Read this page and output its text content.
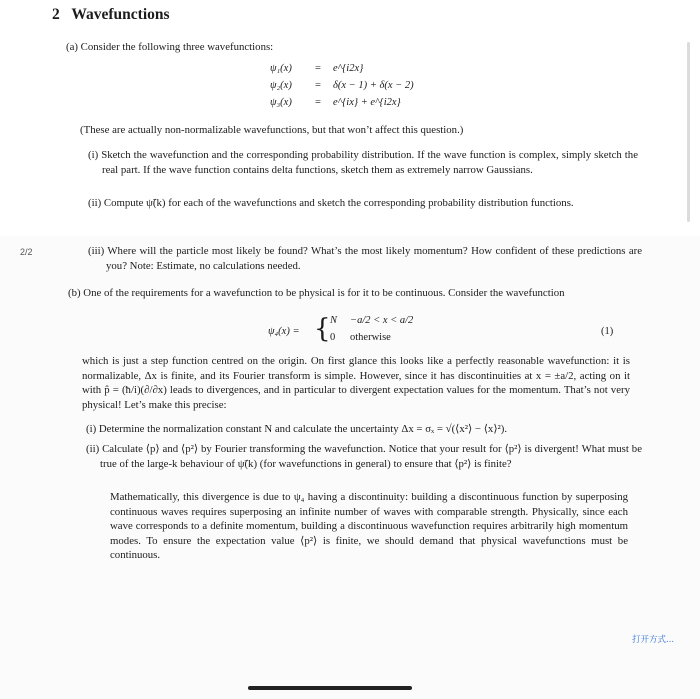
2 Wavefunctions
(a) Consider the following three wavefunctions:
ψ₁(x) = e^{i2x}
ψ₂(x) = δ(x − 1) + δ(x − 2)
ψ₃(x) = e^{ix} + e^{i2x}
(These are actually non-normalizable wavefunctions, but that won’t affect this question.)
(i) Sketch the wavefunction and the corresponding probability distribution. If the wave function is complex, simply sketch the real part. If the wave function contains delta functions, sketch them as extremely narrow Gaussians.
(ii) Compute ψ̃(k) for each of the wavefunctions and sketch the corresponding probability distribution functions.
2/2	(iii) Where will the particle most likely be found? What’s the most likely momentum? How confident of these predictions are you? Note: Estimate, no calculations needed.
(b) One of the requirements for a wavefunction to be physical is for it to be continuous. Consider the wavefunction
ψ₄(x) = { N −a/2 < x < a/2
0 otherwise
(1)
which is just a step function centred on the origin. On first glance this looks like a perfectly reasonable wavefunction: it is normalizable, Δx is finite, and its Fourier transform is simple. However, since it has discontinuities at x = ±a/2, acting on it with p̂ = (ħ/i)(∂/∂x) leads to divergences, and in particular to divergent expectation values for the momentum. That’s not very physical! Let’s make this precise:
(i) Determine the normalization constant N and calculate the uncertainty Δx = σₓ = √(⟨x²⟩ − ⟨x⟩²).
(ii) Calculate ⟨p⟩ and ⟨p²⟩ by Fourier transforming the wavefunction. Notice that your result for ⟨p²⟩ is divergent! What must be true of the large-k behaviour of ψ̃(k) (for wavefunctions in general) to ensure that ⟨p²⟩ is finite?
Mathematically, this divergence is due to ψ₄ having a discontinuity: building a discontinuous function by superposing continuous waves requires superposing an infinite number of waves with comparable strength. Physically, since each wave corresponds to a definite momentum, building a discontinuous wavefunction requires arbitrarily high momentum modes. To ensure the expectation value ⟨p²⟩ is finite, we should demand that physical wavefunctions must be continuous.
打开方式...
